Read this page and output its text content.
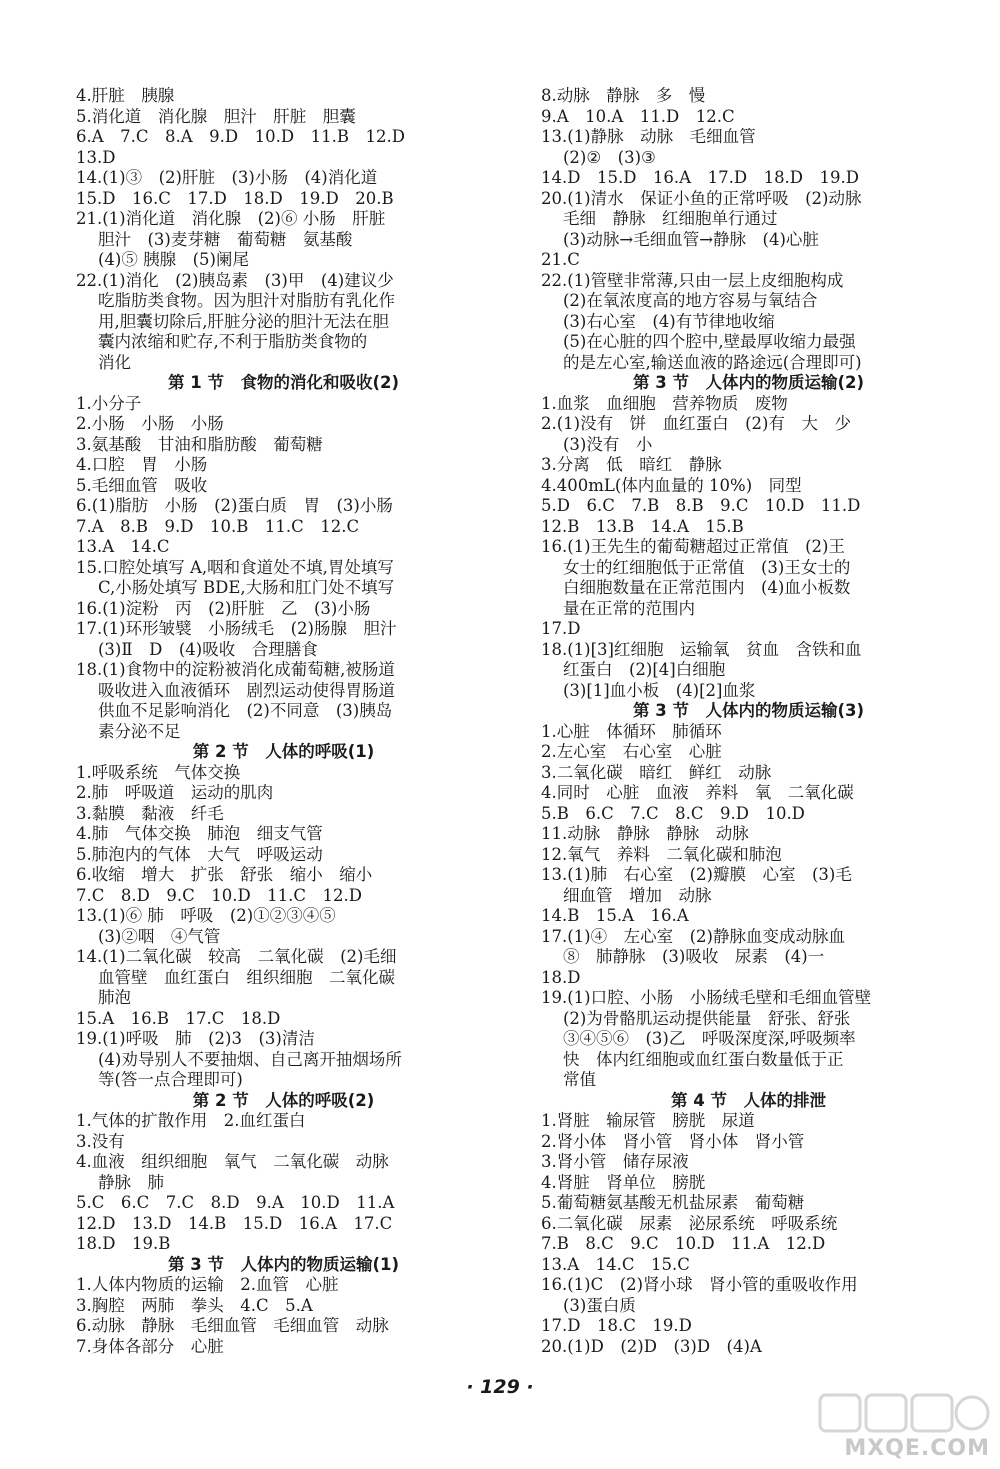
4.肝脏　胰腺
5.消化道　消化腺　胆汁　肝脏　胆囊
6.A　7.C　8.A　9.D　10.D　11.B　12.D
13.D
14.(1)③　(2)肝脏　(3)小肠　(4)消化道
15.D　16.C　17.D　18.D　19.D　20.B
21.(1)消化道　消化腺　(2)⑥ 小肠　肝脏
胆汁　(3)麦芽糖　葡萄糖　氨基酸
(4)⑤ 胰腺　(5)阑尾
22.(1)消化　(2)胰岛素　(3)甲　(4)建议少
吃脂肪类食物。因为胆汁对脂肪有乳化作
用,胆囊切除后,肝脏分泌的胆汁无法在胆
囊内浓缩和贮存,不利于脂肪类食物的
消化
第 1 节　食物的消化和吸收(2)
1.小分子
2.小肠　小肠　小肠
3.氨基酸　甘油和脂肪酸　葡萄糖
4.口腔　胃　小肠
5.毛细血管　吸收
6.(1)脂肪　小肠　(2)蛋白质　胃　(3)小肠
7.A　8.B　9.D　10.B　11.C　12.C
13.A　14.C
15.口腔处填写 A,咽和食道处不填,胃处填写
C,小肠处填写 BDE,大肠和肛门处不填写
16.(1)淀粉　丙　(2)肝脏　乙　(3)小肠
17.(1)环形皱襞　小肠绒毛　(2)肠腺　胆汁
(3)Ⅱ　D　(4)吸收　合理膳食
18.(1)食物中的淀粉被消化成葡萄糖,被肠道
吸收进入血液循环　剧烈运动使得胃肠道
供血不足影响消化　(2)不同意　(3)胰岛
素分泌不足
第 2 节　人体的呼吸(1)
1.呼吸系统　气体交换
2.肺　呼吸道　运动的肌肉
3.黏膜　黏液　纤毛
4.肺　气体交换　肺泡　细支气管
5.肺泡内的气体　大气　呼吸运动
6.收缩　增大　扩张　舒张　缩小　缩小
7.C　8.D　9.C　10.D　11.C　12.D
13.(1)⑥ 肺　呼吸　(2)①②③④⑤
(3)②咽　④气管
14.(1)二氧化碳　较高　二氧化碳　(2)毛细
血管壁　血红蛋白　组织细胞　二氧化碳
肺泡
15.A　16.B　17.C　18.D
19.(1)呼吸　肺　(2)3　(3)清洁
(4)劝导别人不要抽烟、自己离开抽烟场所
等(答一点合理即可)
第 2 节　人体的呼吸(2)
1.气体的扩散作用　2.血红蛋白
3.没有
4.血液　组织细胞　氧气　二氧化碳　动脉
静脉　肺
5.C　6.C　7.C　8.D　9.A　10.D　11.A
12.D　13.D　14.B　15.D　16.A　17.C
18.D　19.B
第 3 节　人体内的物质运输(1)
1.人体内物质的运输　2.血管　心脏
3.胸腔　两肺　拳头　4.C　5.A
6.动脉　静脉　毛细血管　毛细血管　动脉
7.身体各部分　心脏
8.动脉　静脉　多　慢
9.A　10.A　11.D　12.C
13.(1)静脉　动脉　毛细血管
(2)②　(3)③
14.D　15.D　16.A　17.D　18.D　19.D
20.(1)清水　保证小鱼的正常呼吸　(2)动脉
毛细　静脉　红细胞单行通过
(3)动脉→毛细血管→静脉　(4)心脏
21.C
22.(1)管壁非常薄,只由一层上皮细胞构成
(2)在氧浓度高的地方容易与氧结合
(3)右心室　(4)有节律地收缩
(5)在心脏的四个腔中,壁最厚收缩力最强
的是左心室,输送血液的路途远(合理即可)
第 3 节　人体内的物质运输(2)
1.血浆　血细胞　营养物质　废物
2.(1)没有　饼　血红蛋白　(2)有　大　少
(3)没有　小
3.分离　低　暗红　静脉
4.400mL(体内血量的 10%)　同型
5.D　6.C　7.B　8.B　9.C　10.D　11.D
12.B　13.B　14.A　15.B
16.(1)王先生的葡萄糖超过正常值　(2)王
女士的红细胞低于正常值　(3)王女士的
白细胞数量在正常范围内　(4)血小板数
量在正常的范围内
17.D
18.(1)[3]红细胞　运输氧　贫血　含铁和血
红蛋白　(2)[4]白细胞
(3)[1]血小板　(4)[2]血浆
第 3 节　人体内的物质运输(3)
1.心脏　体循环　肺循环
2.左心室　右心室　心脏
3.二氧化碳　暗红　鲜红　动脉
4.同时　心脏　血液　养料　氧　二氧化碳
5.B　6.C　7.C　8.C　9.D　10.D
11.动脉　静脉　静脉　动脉
12.氧气　养料　二氧化碳和肺泡
13.(1)肺　右心室　(2)瓣膜　心室　(3)毛
细血管　增加　动脉
14.B　15.A　16.A
17.(1)④　左心室　(2)静脉血变成动脉血
⑧　肺静脉　(3)吸收　尿素　(4)一
18.D
19.(1)口腔、小肠　小肠绒毛壁和毛细血管壁
(2)为骨骼肌运动提供能量　舒张、舒张
③④⑤⑥　(3)乙　呼吸深度深,呼吸频率
快　体内红细胞或血红蛋白数量低于正
常值
第 4 节　人体的排泄
1.肾脏　输尿管　膀胱　尿道
2.肾小体　肾小管　肾小体　肾小管
3.肾小管　储存尿液
4.肾脏　肾单位　膀胱
5.葡萄糖氨基酸无机盐尿素　葡萄糖
6.二氧化碳　尿素　泌尿系统　呼吸系统
7.B　8.C　9.C　10.D　11.A　12.D
13.A　14.C　15.C
16.(1)C　(2)肾小球　肾小管的重吸收作用
(3)蛋白质
17.D　18.C　19.D
20.(1)D　(2)D　(3)D　(4)A
· 129 ·
MXQE.COM
